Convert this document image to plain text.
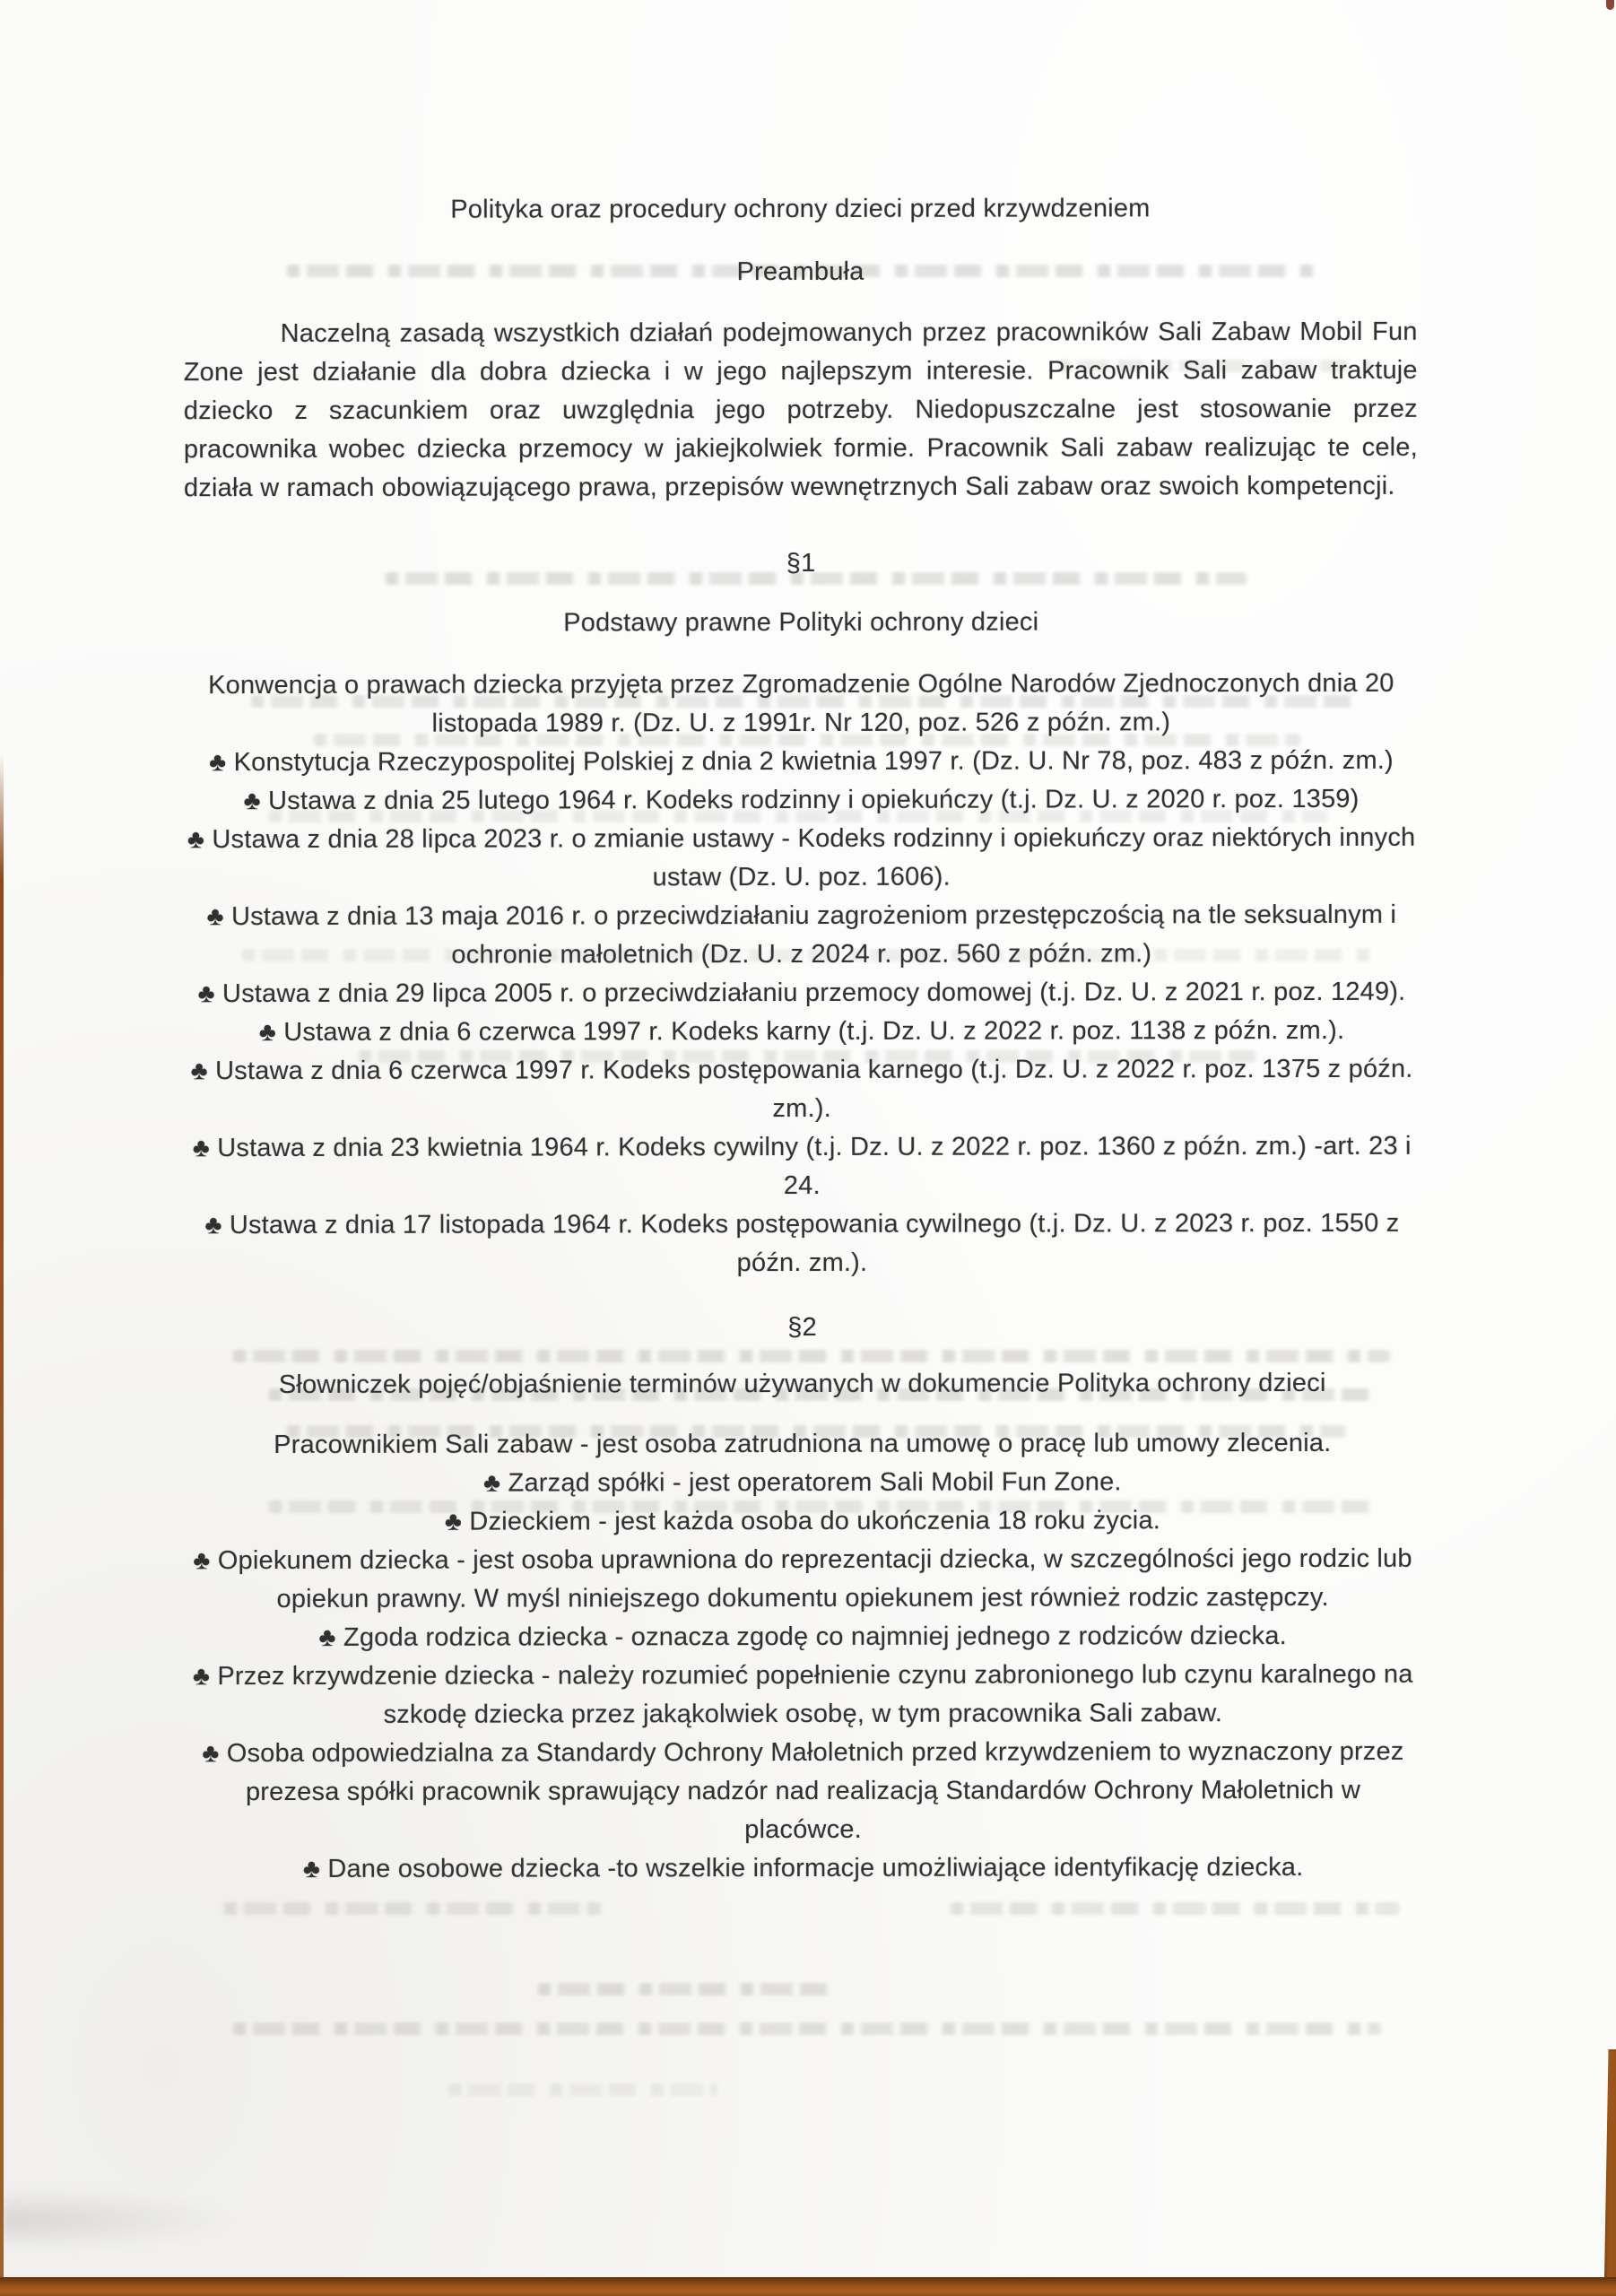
Polityka oraz procedury ochrony dzieci przed krzywdzeniem
Preambuła

Naczelną zasadą wszystkich działań podejmowanych przez pracowników Sali Zabaw Mobil Fun Zone jest działanie dla dobra dziecka i w jego najlepszym interesie. Pracownik Sali zabaw traktuje dziecko z szacunkiem oraz uwzględnia jego potrzeby. Niedopuszczalne jest stosowanie przez pracownika wobec dziecka przemocy w jakiejkolwiek formie. Pracownik Sali zabaw realizując te cele, działa w ramach obowiązującego prawa, przepisów wewnętrznych Sali zabaw oraz swoich kompetencji.

§1
Podstawy prawne Polityki ochrony dzieci
Konwencja o prawach dziecka przyjęta przez Zgromadzenie Ogólne Narodów Zjednoczonych dnia 20 listopada 1989 r. (Dz. U. z 1991r. Nr 120, poz. 526 z późn. zm.)
♣ Konstytucja Rzeczypospolitej Polskiej z dnia 2 kwietnia 1997 r. (Dz. U. Nr 78, poz. 483 z późn. zm.)
♣ Ustawa z dnia 25 lutego 1964 r. Kodeks rodzinny i opiekuńczy (t.j. Dz. U. z 2020 r. poz. 1359)
♣ Ustawa z dnia 28 lipca 2023 r. o zmianie ustawy - Kodeks rodzinny i opiekuńczy oraz niektórych innych ustaw (Dz. U. poz. 1606).
♣ Ustawa z dnia 13 maja 2016 r. o przeciwdziałaniu zagrożeniom przestępczością na tle seksualnym i ochronie małoletnich (Dz. U. z 2024 r. poz. 560 z późn. zm.)
♣ Ustawa z dnia 29 lipca 2005 r. o przeciwdziałaniu przemocy domowej (t.j. Dz. U. z 2021 r. poz. 1249).
♣ Ustawa z dnia 6 czerwca 1997 r. Kodeks karny (t.j. Dz. U. z 2022 r. poz. 1138 z późn. zm.).
♣ Ustawa z dnia 6 czerwca 1997 r. Kodeks postępowania karnego (t.j. Dz. U. z 2022 r. poz. 1375 z późn. zm.).
♣ Ustawa z dnia 23 kwietnia 1964 r. Kodeks cywilny (t.j. Dz. U. z 2022 r. poz. 1360 z późn. zm.) -art. 23 i 24.
♣ Ustawa z dnia 17 listopada 1964 r. Kodeks postępowania cywilnego (t.j. Dz. U. z 2023 r. poz. 1550 z późn. zm.).
§2
Słowniczek pojęć/objaśnienie terminów używanych w dokumencie Polityka ochrony dzieci
Pracownikiem Sali zabaw - jest osoba zatrudniona na umowę o pracę lub umowy zlecenia.
♣ Zarząd spółki - jest operatorem Sali Mobil Fun Zone.
♣ Dzieckiem - jest każda osoba do ukończenia 18 roku życia.
♣ Opiekunem dziecka - jest osoba uprawniona do reprezentacji dziecka, w szczególności jego rodzic lub opiekun prawny. W myśl niniejszego dokumentu opiekunem jest również rodzic zastępczy.
♣ Zgoda rodzica dziecka - oznacza zgodę co najmniej jednego z rodziców dziecka.
♣ Przez krzywdzenie dziecka - należy rozumieć popełnienie czynu zabronionego lub czynu karalnego na szkodę dziecka przez jakąkolwiek osobę, w tym pracownika Sali zabaw.
♣ Osoba odpowiedzialna za Standardy Ochrony Małoletnich przed krzywdzeniem to wyznaczony przez prezesa spółki pracownik sprawujący nadzór nad realizacją Standardów Ochrony Małoletnich w placówce.
♣ Dane osobowe dziecka -to wszelkie informacje umożliwiające identyfikację dziecka.
